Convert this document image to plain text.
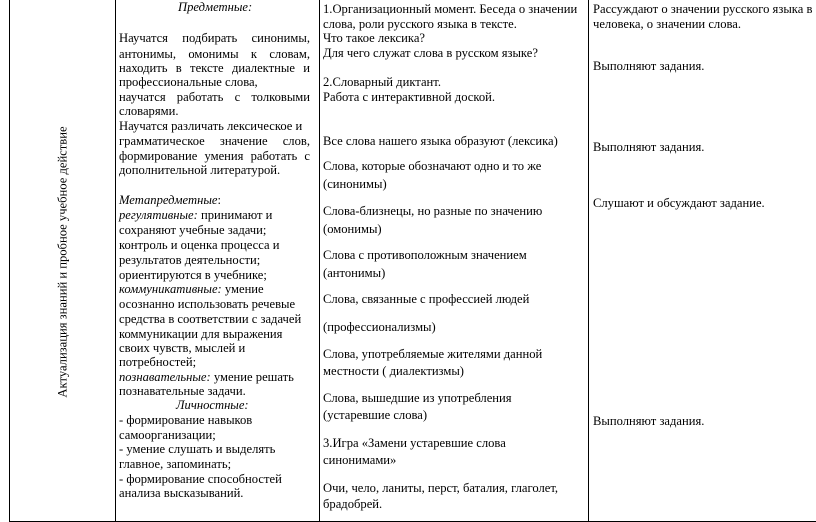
Актуализация знаний и пробное учебное действие
Предметные:
Научатся подбирать синонимы,
антонимы, омонимы к словам,
находить в тексте диалектные и
профессиональные слова,
научатся работать с толковыми
словарями.
Научатся различать лексическое и
грамматическое значение слов,
формирование умения работать с
дополнительной литературой.
Метапредметные:
регулятивные: принимают и
сохраняют учебные задачи;
контроль и оценка процесса и
результатов деятельности;
ориентируются в учебнике;
коммуникативные: умение
осознанно использовать речевые
средства в соответствии с задачей
коммуникации для выражения
своих чувств, мыслей и
потребностей;
познавательные: умение решать
познавательные задачи.
Личностные:
- формирование навыков
самоорганизации;
- умение слушать и выделять
главное, запоминать;
- формирование способностей
анализа высказываний.
1.Организационный момент. Беседа о значении
слова, роли русского языка в тексте.
Что такое лексика?
Для чего служат слова в русском языке?
2.Словарный диктант.
Работа с интерактивной доской.
Все слова нашего языка образуют (лексика)
Слова, которые обозначают одно и то же
(синонимы)
Слова-близнецы, но разные по значению
(омонимы)
Слова с противоположным значением
(антонимы)
Слова, связанные с профессией людей
(профессионализмы)
Слова, употребляемые жителями данной
местности ( диалектизмы)
Слова, вышедшие из употребления
(устаревшие слова)
3.Игра «Замени устаревшие слова
синонимами»
Очи, чело, ланиты, перст, баталия, глаголет,
брадобрей.
Рассуждают о значении русского языка в
человека, о значении слова.
Выполняют задания.
Выполняют задания.
Слушают и обсуждают задание.
Выполняют задания.
